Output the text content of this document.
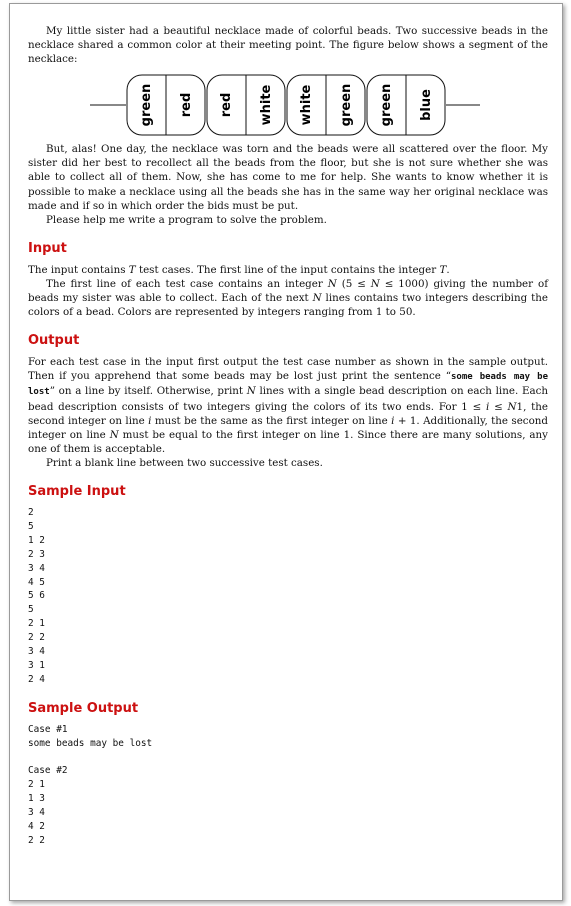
My little sister had a beautiful necklace made of colorful beads. Two successive beads in the necklace shared a common color at their meeting point. The figure below shows a segment of the necklace:

green red red white white green green blue

But, alas! One day, the necklace was torn and the beads were all scattered over the floor. My sister did her best to recollect all the beads from the floor, but she is not sure whether she was able to collect all of them. Now, she has come to me for help. She wants to know whether it is possible to make a necklace using all the beads she has in the same way her original necklace was made and if so in which order the bids must be put.

Please help me write a program to solve the problem.

Input

The input contains T test cases. The first line of the input contains the integer T.

The first line of each test case contains an integer N (5 ≤ N ≤ 1000) giving the number of beads my sister was able to collect. Each of the next N lines contains two integers describing the colors of a bead. Colors are represented by integers ranging from 1 to 50.

Output

For each test case in the input first output the test case number as shown in the sample output. Then if you apprehend that some beads may be lost just print the sentence “some beads may be lost” on a line by itself. Otherwise, print N lines with a single bead description on each line. Each bead description consists of two integers giving the colors of its two ends. For 1 ≤ i ≤ N1, the second integer on line i must be the same as the first integer on line i + 1. Additionally, the second integer on line N must be equal to the first integer on line 1. Since there are many solutions, any one of them is acceptable.

Print a blank line between two successive test cases.

Sample Input
2
5
1 2
2 3
3 4
4 5
5 6
5
2 1
2 2
3 4
3 1
2 4
Sample Output
Case #1
some beads may be lost

Case #2
2 1
1 3
3 4
4 2
2 2
